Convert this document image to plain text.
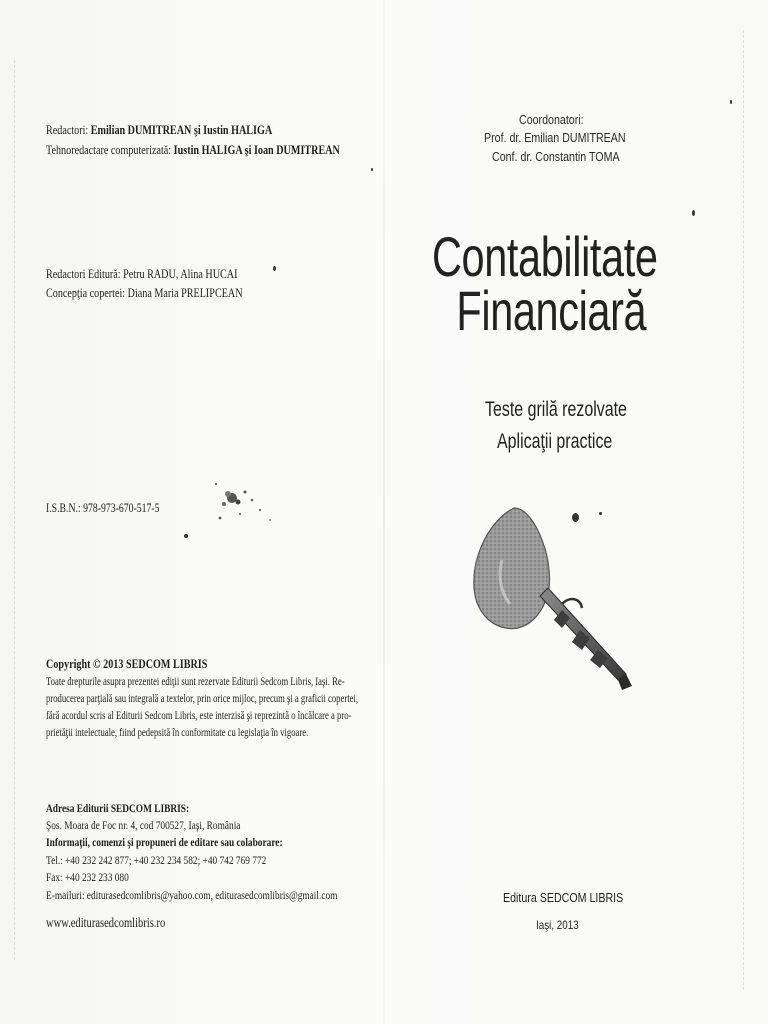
Redactori: Emilian DUMITREAN şi Iustin HALIGA
Tehnoredactare computerizată: Iustin HALIGA şi Ioan DUMITREAN
Redactori Editură: Petru RADU, Alina HUCAI
Concepţia copertei: Diana Maria PRELIPCEAN
I.S.B.N.: 978-973-670-517-5
Copyright © 2013 SEDCOM LIBRIS
Toate drepturile asupra prezentei ediţii sunt rezervate Editurii Sedcom Libris, Iaşi. Re-
producerea parţială sau integrală a textelor, prin orice mijloc, precum şi a graficii copertei,
fără acordul scris al Editurii Sedcom Libris, este interzisă şi reprezintă o încălcare a pro-
prietăţii intelectuale, fiind pedepsită în conformitate cu legislaţia în vigoare.
Adresa Editurii SEDCOM LIBRIS:
Şos. Moara de Foc nr. 4, cod 700527, Iaşi, România
Informaţii, comenzi şi propuneri de editare sau colaborare:
Tel.: +40 232 242 877; +40 232 234 582; +40 742 769 772
Fax: +40 232 233 080
E-mailuri: editurasedcomlibris@yahoo.com, editurasedcomlibris@gmail.com
www.editurasedcomlibris.ro
Coordonatori:
Prof. dr. Emilian DUMITREAN
Conf. dr. Constantin TOMA
Contabilitate
Financiară
Teste grilă rezolvate
Aplicaţii practice
Editura SEDCOM LIBRIS
Iaşi, 2013
